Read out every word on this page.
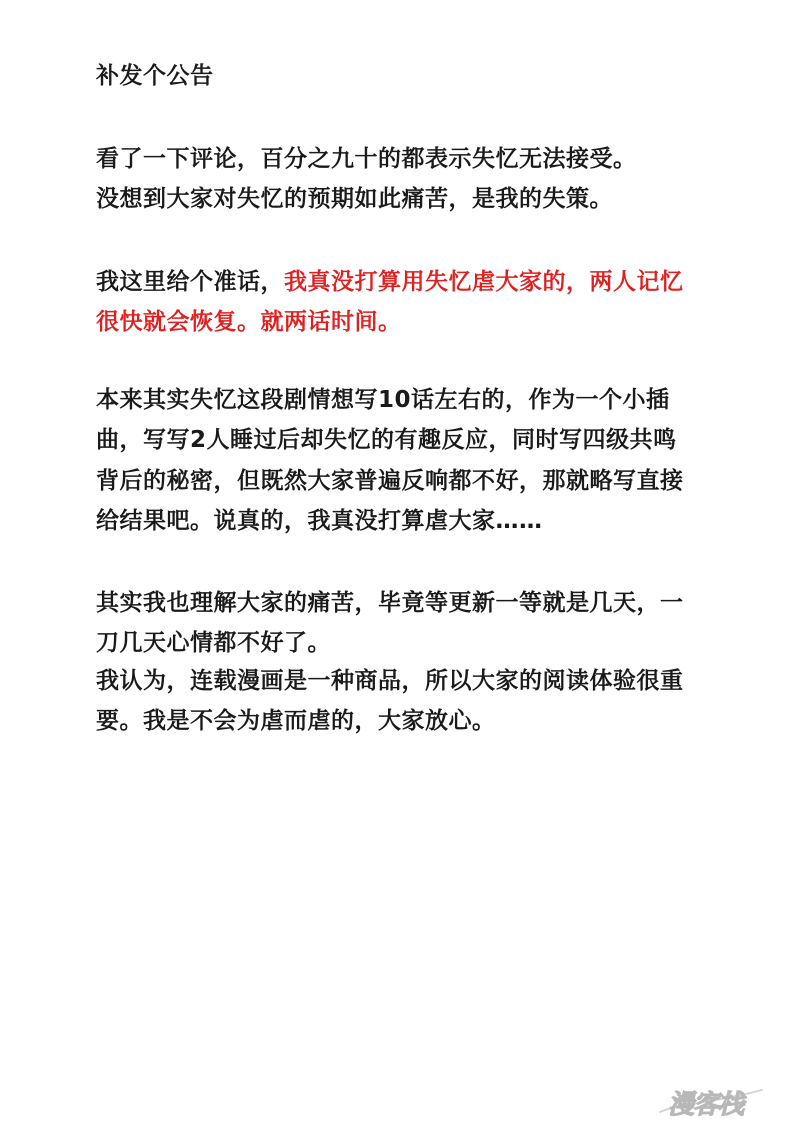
补发个公告
看了一下评论，百分之九十的都表示失忆无法接受。
没想到大家对失忆的预期如此痛苦，是我的失策。
我这里给个准话，我真没打算用失忆虐大家的，两人记忆
很快就会恢复。就两话时间。
本来其实失忆这段剧情想写10话左右的，作为一个小插
曲，写写2人睡过后却失忆的有趣反应，同时写四级共鸣
背后的秘密，但既然大家普遍反响都不好，那就略写直接
给结果吧。说真的，我真没打算虐大家……
其实我也理解大家的痛苦，毕竟等更新一等就是几天，一
刀几天心情都不好了。
我认为，连载漫画是一种商品，所以大家的阅读体验很重
要。我是不会为虐而虐的，大家放心。
漫客栈
